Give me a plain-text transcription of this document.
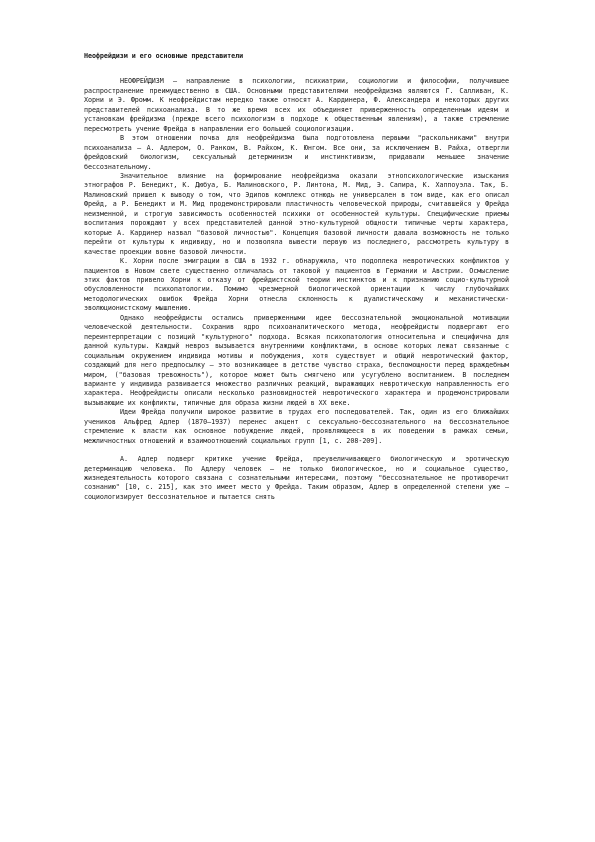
Неофрейдизм и его основные представители

НЕОФРЕЙДИЗМ — направление в психологии, психиатрии, социологии и философии, получившее распространение преимущественно в США. Основными представителями неофрейдизма являются Г. Салливан, К. Хорни и Э. Фромм. К неофрейдистам нередко также относят А. Кардинера, Ф. Александера и некоторых других представителей психоанализа. В то же время всех их объединяет приверженность определенным идеям и установкам фрейдизма (прежде всего психологизм в подходе к общественным явлениям), а также стремление пересмотреть учение Фрейда в направлении его большей социологизации.

В этом отношении почва для неофрейдизма была подготовлена первыми "раскольниками" внутри психоанализа — А. Адлером, О. Ранком, В. Райхом, К. Юнгом. Все они, за исключением В. Райха, отвергли фрейдовский биологизм, сексуальный детерминизм и инстинктивизм, придавали меньшее значение бессознательному.

Значительное влияние на формирование неофрейдизма оказали этнопсихологические изыскания этнографов Р. Бенедикт, К. Дюбуа, Б. Малиновского, Р. Линтона, М. Мид, Э. Сапира, К. Хаппоуэла. Так, Б. Малиновский пришел к выводу о том, что Эдипов комплекс отнюдь не универсален в том виде, как его описал Фрейд, а Р. Бенедикт и М. Мид продемонстрировали пластичность человеческой природы, считавшейся у Фрейда неизменной, и строгую зависимость особенностей психики от особенностей культуры. Специфические приемы воспитания порождают у всех представителей данной этно-культурной общности типичные черты характера, которые А. Кардинер назвал "базовой личностью". Концепция базовой личности давала возможность не только перейти от культуры к индивиду, но и позволяла вывести первую из последнего, рассмотреть культуру в качестве проекции вовне базовой личности.

К. Хорни после эмиграции в США в 1932 г. обнаружила, что подоплека невротических конфликтов у пациентов в Новом свете существенно отличалась от таковой у пациентов в Германии и Австрии. Осмысление этих фактов привело Хорни к отказу от фрейдистской теории инстинктов и к признанию социо-культурной обусловленности психопатологии. Помимо чрезмерной биологической ориентации к числу глубочайших методологических ошибок Фрейда Хорни отнесла склонность к дуалистическому и механистически-эволюционистскому мышлению.

Однако неофрейдисты остались приверженными идее бессознательной эмоциональной мотивации человеческой деятельности. Сохранив ядро психоаналитического метода, неофрейдисты подвергают его переинтерпретации с позиций "культурного" подхода. Всякая психопатология относительна и специфична для данной культуры. Каждый невроз вызывается внутренними конфликтами, в основе которых лежат связанные с социальным окружением индивида мотивы и побуждения, хотя существует и общий невротический фактор, создающий для него предпосылку — это возникающее в детстве чувство страха, беспомощности перед враждебным миром, ("базовая тревожность"), которое может быть смягчено или усугублено воспитанием. В последнем варианте у индивида развивается множество различных реакций, выражающих невротическую направленность его характера. Неофрейдисты описали несколько разновидностей невротического характера и продемонстрировали вызывающие их конфликты, типичные для образа жизни людей в XX веке.

Идеи Фрейда получили широкое развитие в трудах его последователей. Так, один из его ближайших учеников Альфред Адлер (1870—1937) перенес акцент с сексуально-бессознательного на бессознательное стремление к власти как основное побуждение людей, проявляющееся в их поведении в рамках семьи, межличностных отношений и взаимоотношений социальных групп [1, с. 208-209].

А. Адлер подверг критике учение Фрейда, преувеличивающего биологическую и эротическую детерминацию человека. По Адлеру человек — не только биологическое, но и социальное существо, жизнедеятельность которого связана с сознательными интересами, поэтому "бессознательное не противоречит сознанию" [10, с. 215], как это имеет место у Фрейда. Таким образом, Адлер в определенной степени уже — социологизирует бессознательное и пытается снять
